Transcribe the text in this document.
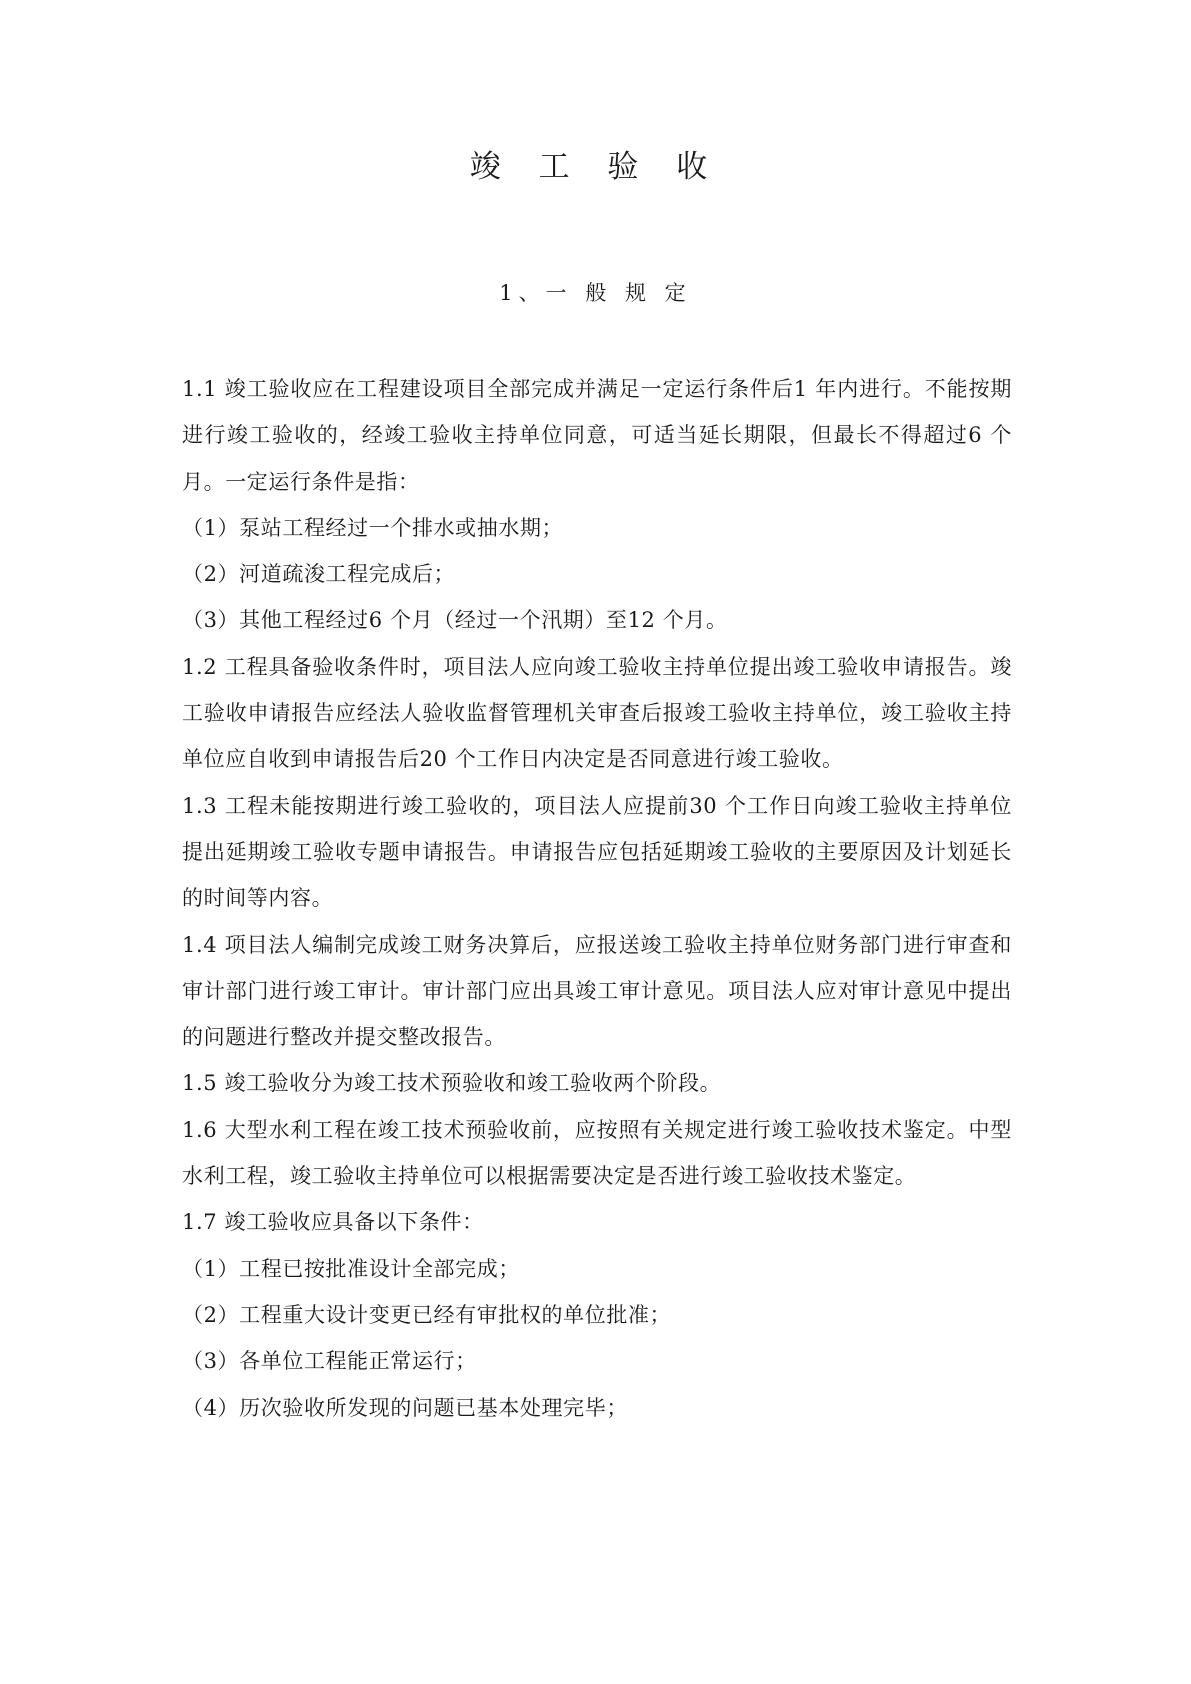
竣 工 验 收
1、一 般 规 定

1.1 竣工验收应在工程建设项目全部完成并满足一定运行条件后1 年内进行。不能按期进行竣工验收的，经竣工验收主持单位同意，可适当延长期限，但最长不得超过6 个月。一定运行条件是指：

（1）泵站工程经过一个排水或抽水期；

（2）河道疏浚工程完成后；

（3）其他工程经过6 个月（经过一个汛期）至12 个月。

1.2 工程具备验收条件时，项目法人应向竣工验收主持单位提出竣工验收申请报告。竣工验收申请报告应经法人验收监督管理机关审查后报竣工验收主持单位，竣工验收主持单位应自收到申请报告后20 个工作日内决定是否同意进行竣工验收。

1.3 工程未能按期进行竣工验收的，项目法人应提前30 个工作日向竣工验收主持单位提出延期竣工验收专题申请报告。申请报告应包括延期竣工验收的主要原因及计划延长的时间等内容。

1.4 项目法人编制完成竣工财务决算后，应报送竣工验收主持单位财务部门进行审查和审计部门进行竣工审计。审计部门应出具竣工审计意见。项目法人应对审计意见中提出的问题进行整改并提交整改报告。

1.5 竣工验收分为竣工技术预验收和竣工验收两个阶段。

1.6 大型水利工程在竣工技术预验收前，应按照有关规定进行竣工验收技术鉴定。中型水利工程，竣工验收主持单位可以根据需要决定是否进行竣工验收技术鉴定。

1.7 竣工验收应具备以下条件：

（1）工程已按批准设计全部完成；

（2）工程重大设计变更已经有审批权的单位批准；

（3）各单位工程能正常运行；

（4）历次验收所发现的问题已基本处理完毕；
